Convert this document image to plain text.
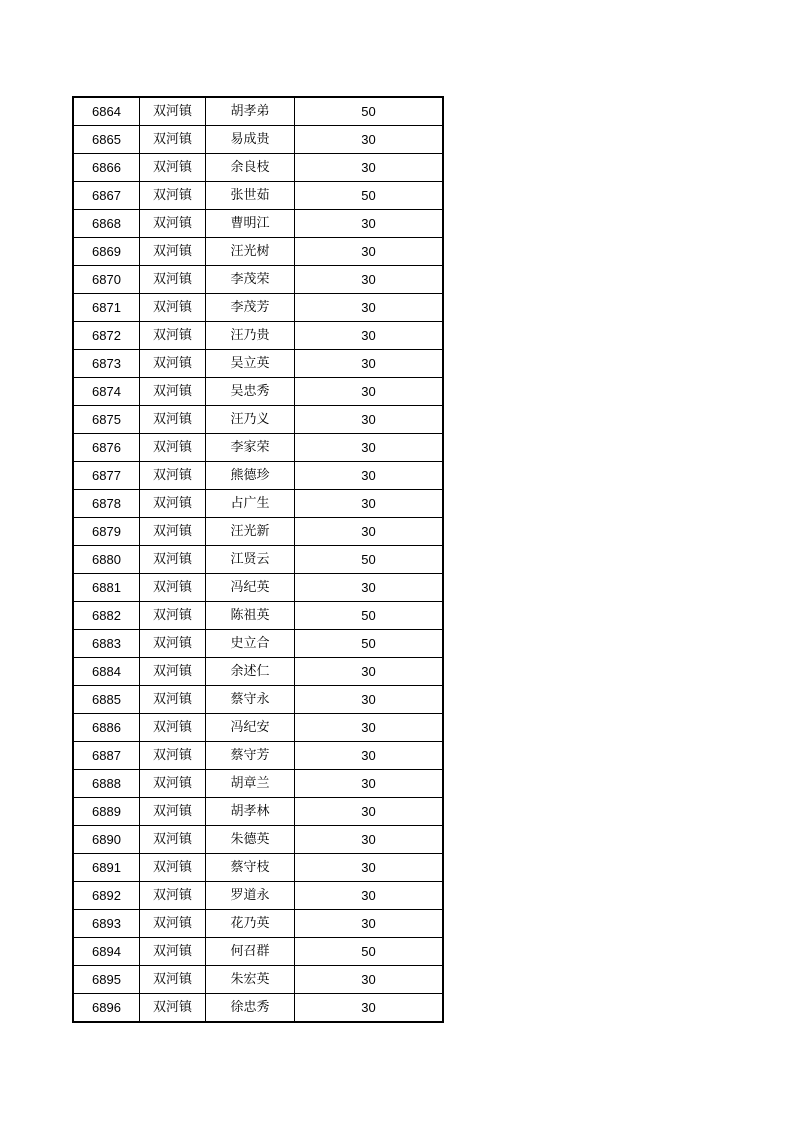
6864	双河镇	胡孝弟	50
6865	双河镇	易成贵	30
6866	双河镇	余良枝	30
6867	双河镇	张世茹	50
6868	双河镇	曹明江	30
6869	双河镇	汪光树	30
6870	双河镇	李茂荣	30
6871	双河镇	李茂芳	30
6872	双河镇	汪乃贵	30
6873	双河镇	吴立英	30
6874	双河镇	吴忠秀	30
6875	双河镇	汪乃义	30
6876	双河镇	李家荣	30
6877	双河镇	熊德珍	30
6878	双河镇	占广生	30
6879	双河镇	汪光新	30
6880	双河镇	江贤云	50
6881	双河镇	冯纪英	30
6882	双河镇	陈祖英	50
6883	双河镇	史立合	50
6884	双河镇	余述仁	30
6885	双河镇	蔡守永	30
6886	双河镇	冯纪安	30
6887	双河镇	蔡守芳	30
6888	双河镇	胡章兰	30
6889	双河镇	胡孝林	30
6890	双河镇	朱德英	30
6891	双河镇	蔡守枝	30
6892	双河镇	罗道永	30
6893	双河镇	花乃英	30
6894	双河镇	何召群	50
6895	双河镇	朱宏英	30
6896	双河镇	徐忠秀	30
